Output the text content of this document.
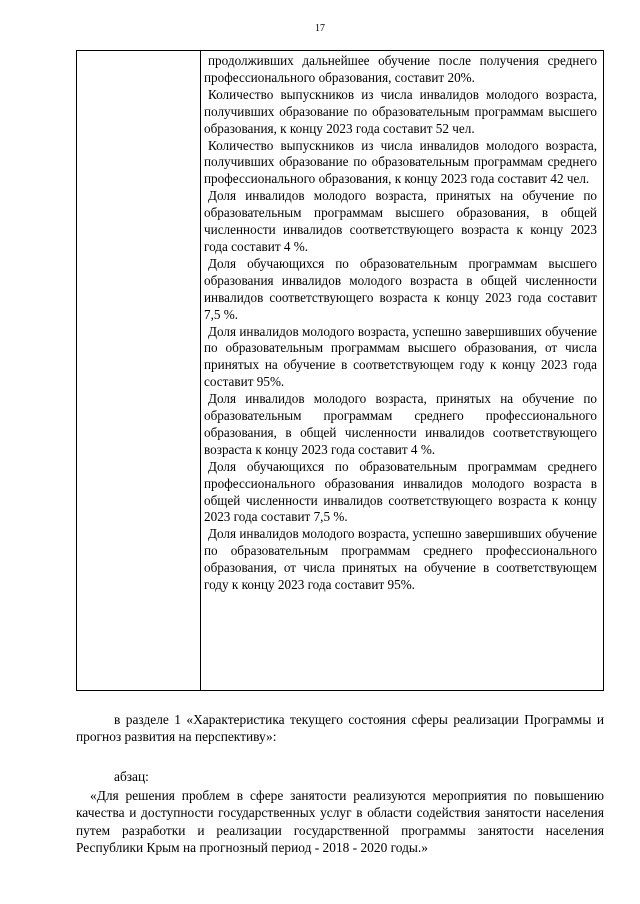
17

продолживших дальнейшее обучение после получения среднего профессионального образования, составит 20%.

Количество выпускников из числа инвалидов молодого возраста, получивших образование по образовательным программам высшего образования, к концу 2023 года составит 52 чел.

Количество выпускников из числа инвалидов молодого возраста, получивших образование по образовательным программам среднего профессионального образования, к концу 2023 года составит 42 чел.

Доля инвалидов молодого возраста, принятых на обучение по образовательным программам высшего образования, в общей численности инвалидов соответствующего возраста к концу 2023 года составит 4 %.

Доля обучающихся по образовательным программам высшего образования инвалидов молодого возраста в общей численности инвалидов соответствующего возраста к концу 2023 года составит 7,5 %.

Доля инвалидов молодого возраста, успешно завершивших обучение по образовательным программам высшего образования, от числа принятых на обучение в соответствующем году к концу 2023 года составит 95%.

Доля инвалидов молодого возраста, принятых на обучение по образовательным программам среднего профессионального образования, в общей численности инвалидов соответствующего возраста к концу 2023 года составит 4 %.

Доля обучающихся по образовательным программам среднего профессионального образования инвалидов молодого возраста в общей численности инвалидов соответствующего возраста к концу 2023 года составит 7,5 %.

Доля инвалидов молодого возраста, успешно завершивших обучение по образовательным программам среднего профессионального образования, от числа принятых на обучение в соответствующем году к концу 2023 года составит 95%.

в разделе 1 «Характеристика текущего состояния сферы реализации Программы и прогноз развития на перспективу»:

абзац:

«Для решения проблем в сфере занятости реализуются мероприятия по повышению качества и доступности государственных услуг в области содействия занятости населения путем разработки и реализации государственной программы занятости населения Республики Крым на прогнозный период - 2018 - 2020 годы.»
